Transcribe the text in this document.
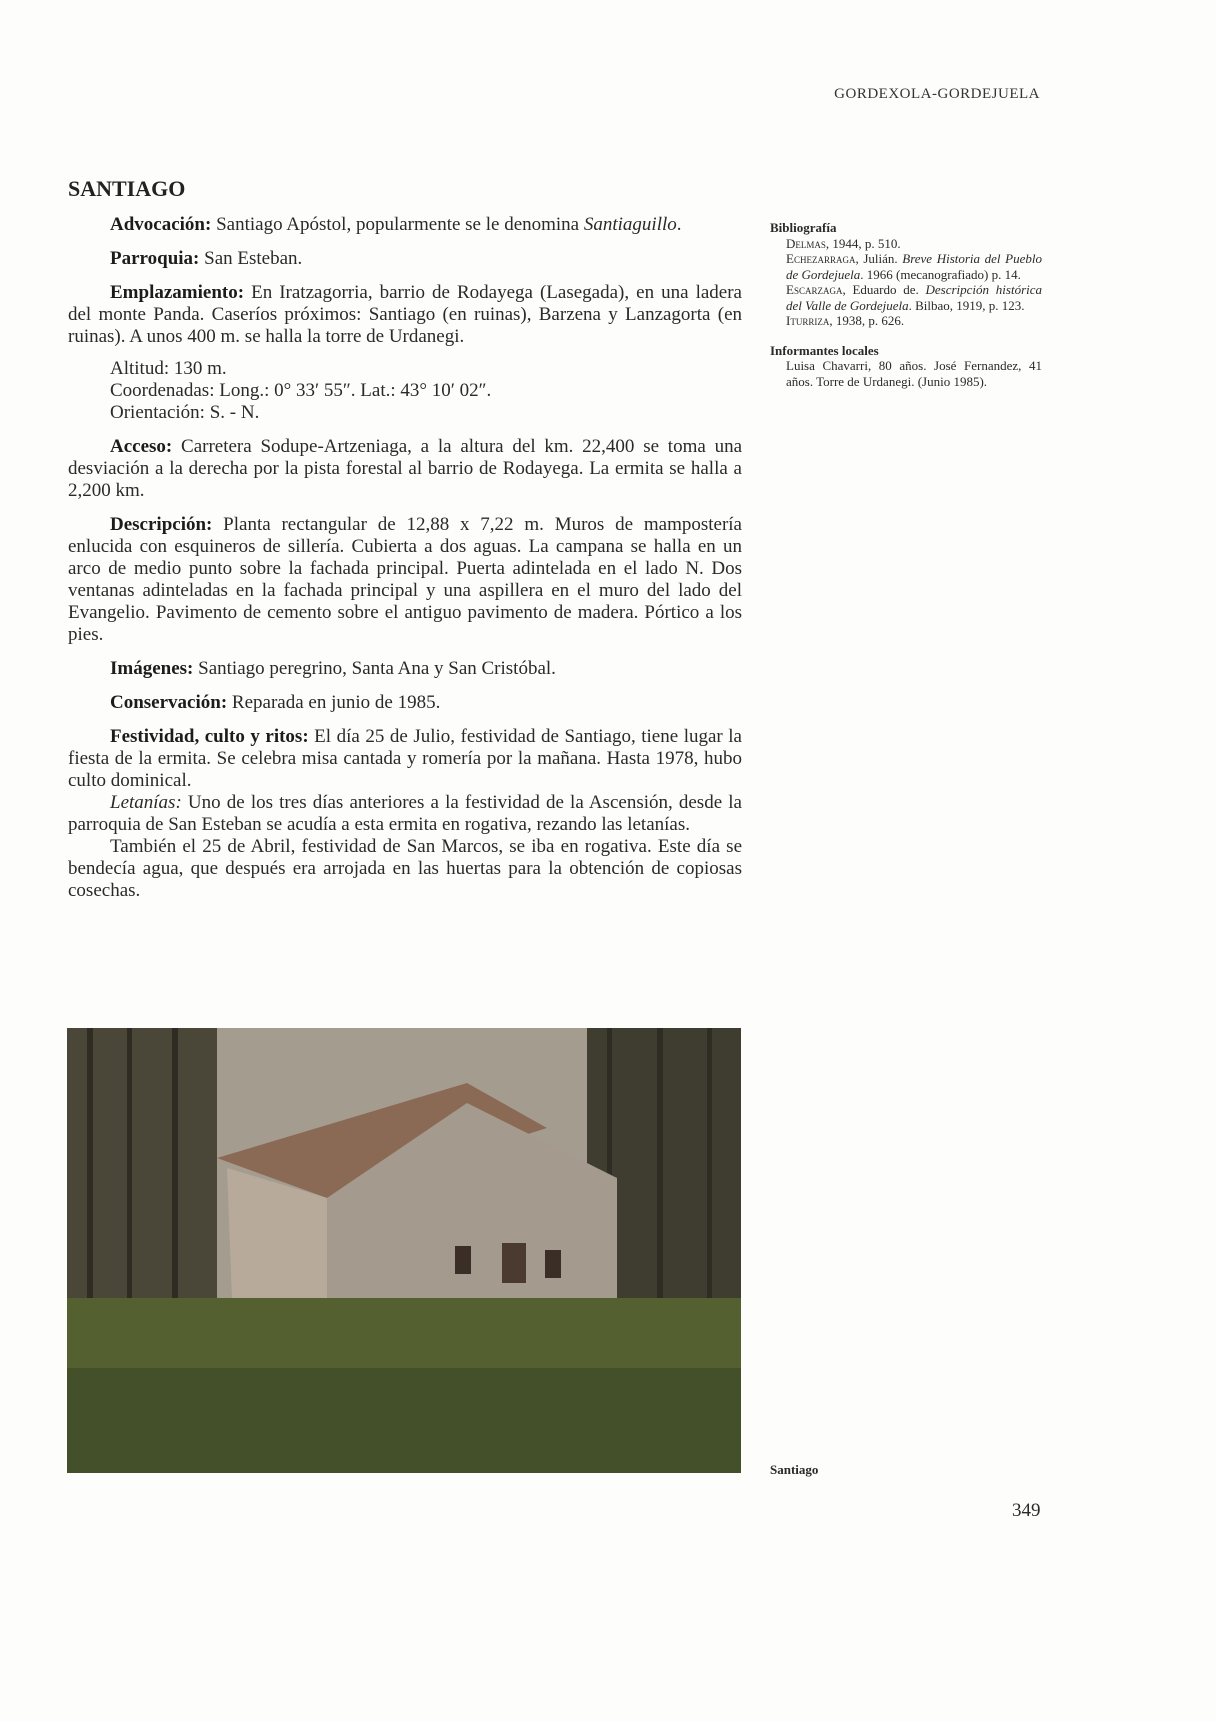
GORDEXOLA-GORDEJUELA
SANTIAGO

Advocación: Santiago Apóstol, popularmente se le denomina Santiaguillo.

Parroquia: San Esteban.

Emplazamiento: En Iratzagorria, barrio de Rodayega (Lasegada), en una ladera del monte Panda. Caseríos próximos: Santiago (en ruinas), Barzena y Lanzagorta (en ruinas). A unos 400 m. se halla la torre de Urdanegi.

Altitud: 130 m.
Coordenadas: Long.: 0° 33′ 55″. Lat.: 43° 10′ 02″.
Orientación: S. - N.

Acceso: Carretera Sodupe-Artzeniaga, a la altura del km. 22,400 se toma una desviación a la derecha por la pista forestal al barrio de Rodayega. La ermita se halla a 2,200 km.

Descripción: Planta rectangular de 12,88 x 7,22 m. Muros de mampostería enlucida con esquineros de sillería. Cubierta a dos aguas. La campana se halla en un arco de medio punto sobre la fachada principal. Puerta adintelada en el lado N. Dos ventanas adinteladas en la fachada principal y una aspillera en el muro del lado del Evangelio. Pavimento de cemento sobre el antiguo pavimento de madera. Pórtico a los pies.

Imágenes: Santiago peregrino, Santa Ana y San Cristóbal.

Conservación: Reparada en junio de 1985.

Festividad, culto y ritos: El día 25 de Julio, festividad de Santiago, tiene lugar la fiesta de la ermita. Se celebra misa cantada y romería por la mañana. Hasta 1978, hubo culto dominical.

Letanías: Uno de los tres días anteriores a la festividad de la Ascensión, desde la parroquia de San Esteban se acudía a esta ermita en rogativa, rezando las letanías.

También el 25 de Abril, festividad de San Marcos, se iba en rogativa. Este día se bendecía agua, que después era arrojada en las huertas para la obtención de copiosas cosechas.

Bibliografía
Delmas, 1944, p. 510.
Echezarraga, Julián. Breve Historia del Pueblo de Gordejuela. 1966 (mecanografiado) p. 14.
Escarzaga, Eduardo de. Descripción histórica del Valle de Gordejuela. Bilbao, 1919, p. 123.
Iturriza, 1938, p. 626.
Informantes locales
Luisa Chavarri, 80 años. José Fernandez, 41 años. Torre de Urdanegi. (Junio 1985).
Santiago
349
